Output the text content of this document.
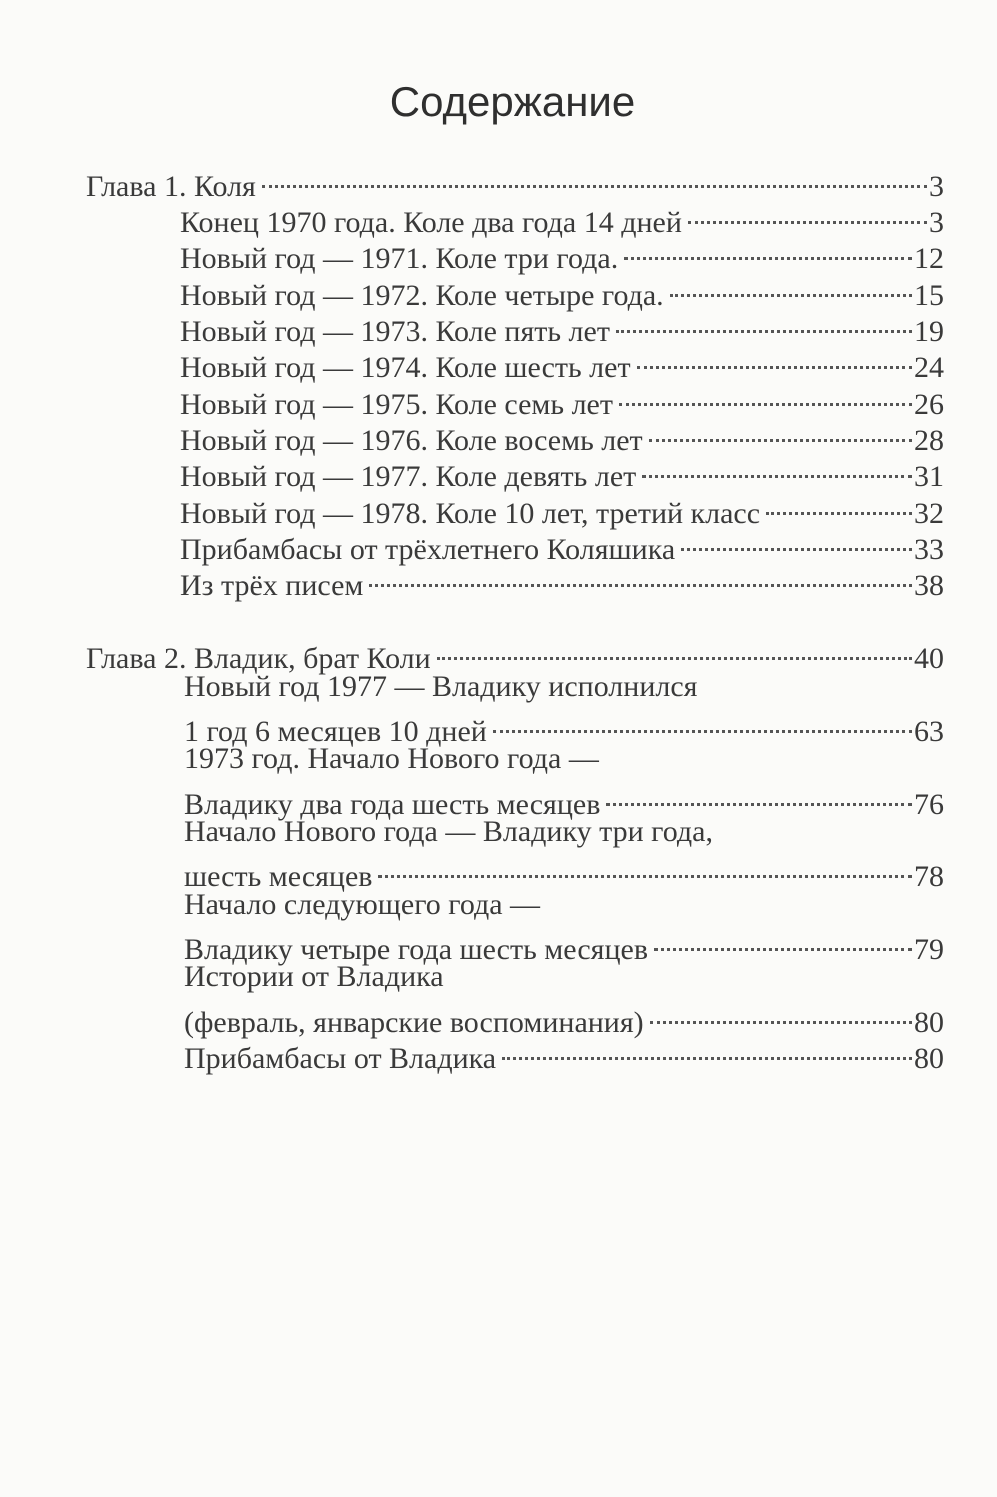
Содержание
Глава 1. Коля	3
Конец 1970 года. Коле два года 14 дней	3
Новый год — 1971. Коле три года.	12
Новый год — 1972. Коле четыре года.	15
Новый год — 1973. Коле пять лет	19
Новый год — 1974. Коле шесть лет	24
Новый год — 1975. Коле семь лет	26
Новый год — 1976. Коле восемь лет	28
Новый год — 1977. Коле девять лет	31
Новый год — 1978. Коле 10 лет, третий класс	32
Прибамбасы от трёхлетнего Коляшика	33
Из трёх писем	38
Глава 2. Владик, брат Коли	40
Новый год 1977 — Владику исполнился
1 год 6 месяцев 10 дней	63
1973 год. Начало Нового года —
Владику два года шесть месяцев	76
Начало Нового года — Владику три года,
шесть месяцев	78
Начало следующего года —
Владику четыре года шесть месяцев	79
Истории от Владика
(февраль, январские воспоминания)	80
Прибамбасы от Владика	80
